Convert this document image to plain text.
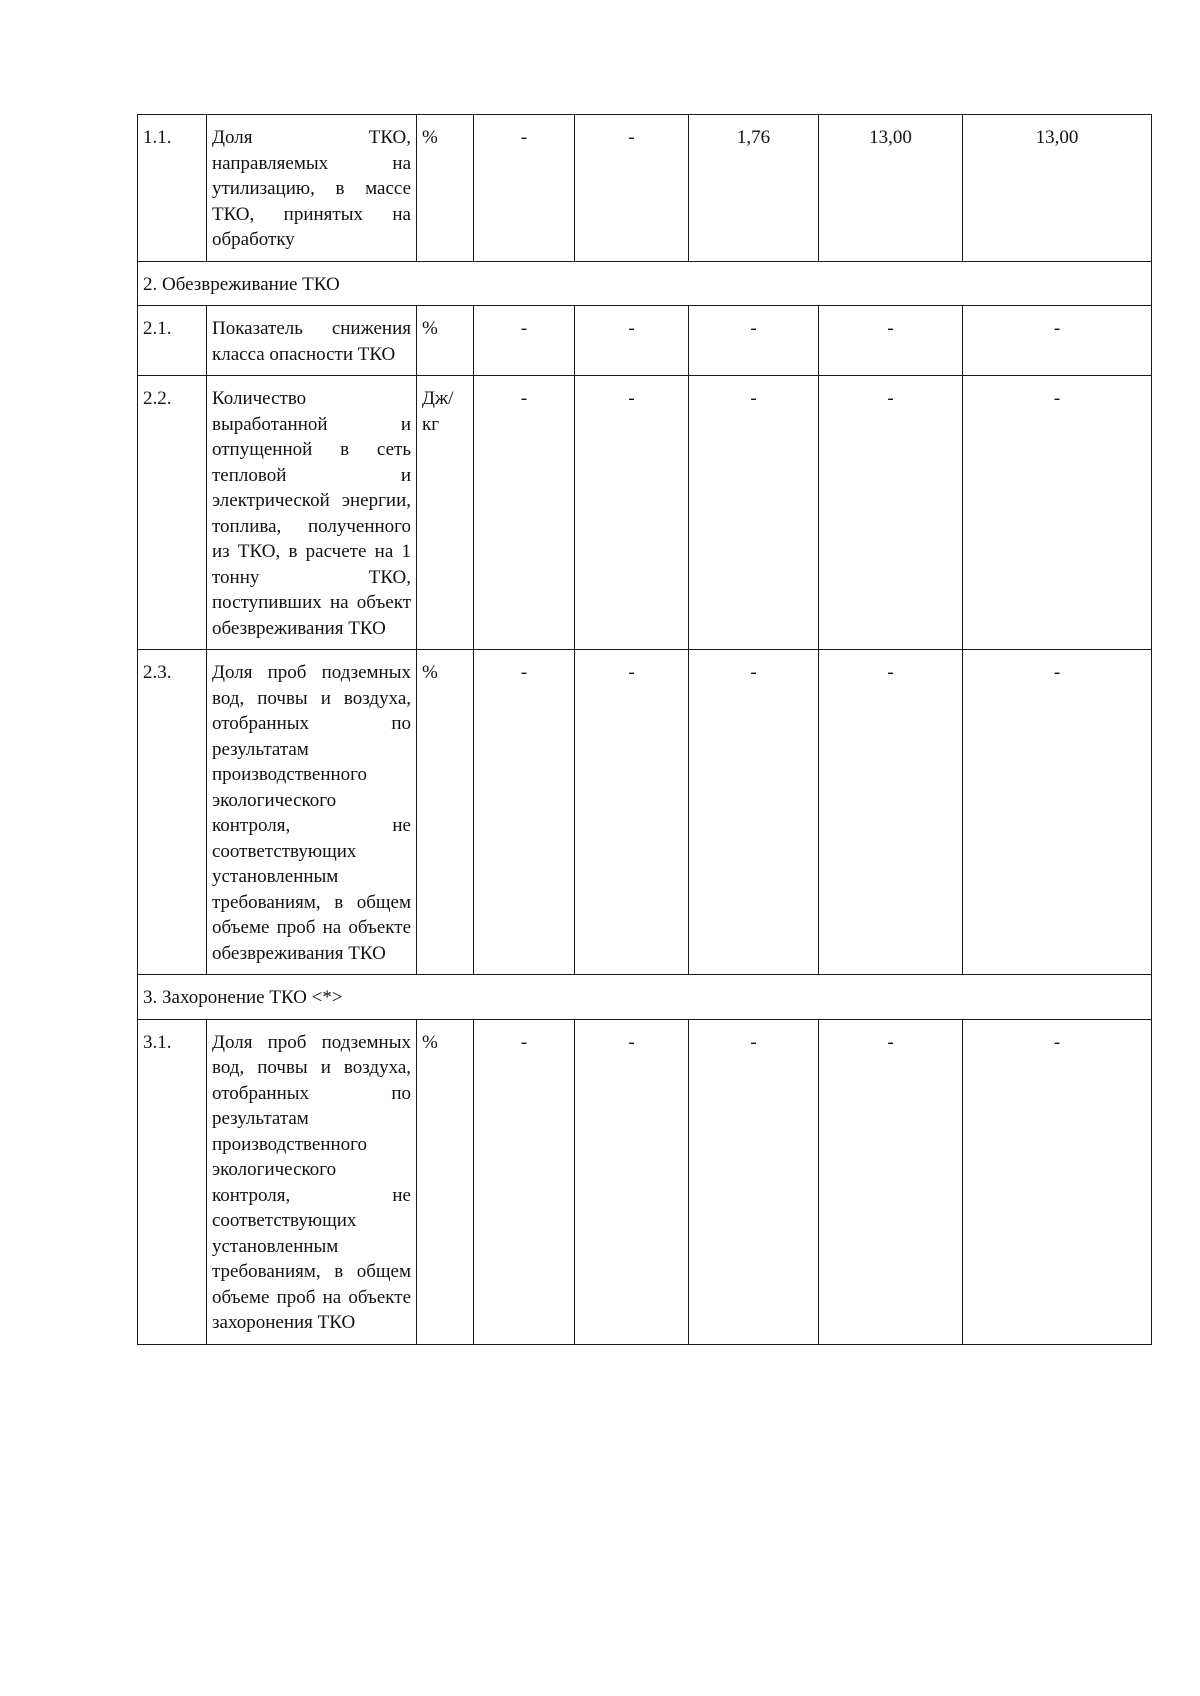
1.1.	Доля ТКО, направляемых на утилизацию, в массе ТКО, принятых на обработку	%	-	-	1,76	13,00	13,00
2. Обезвреживание ТКО							
2.1.	Показатель снижения класса опасности ТКО	%	-	-	-	-	-
2.2.	Количество выработанной и отпущенной в сеть тепловой и электрической энергии, топлива, полученного из ТКО, в расчете на 1 тонну ТКО, поступивших на объект обезвреживания ТКО	Дж/кг	-	-	-	-	-
2.3.	Доля проб подземных вод, почвы и воздуха, отобранных по результатам производственного экологического контроля, не соответствующих установленным требованиям, в общем объеме проб на объекте обезвреживания ТКО	%	-	-	-	-	-
3. Захоронение ТКО <*>							
3.1.	Доля проб подземных вод, почвы и воздуха, отобранных по результатам производственного экологического контроля, не соответствующих установленным требованиям, в общем объеме проб на объекте захоронения ТКО	%	-	-	-	-	-
